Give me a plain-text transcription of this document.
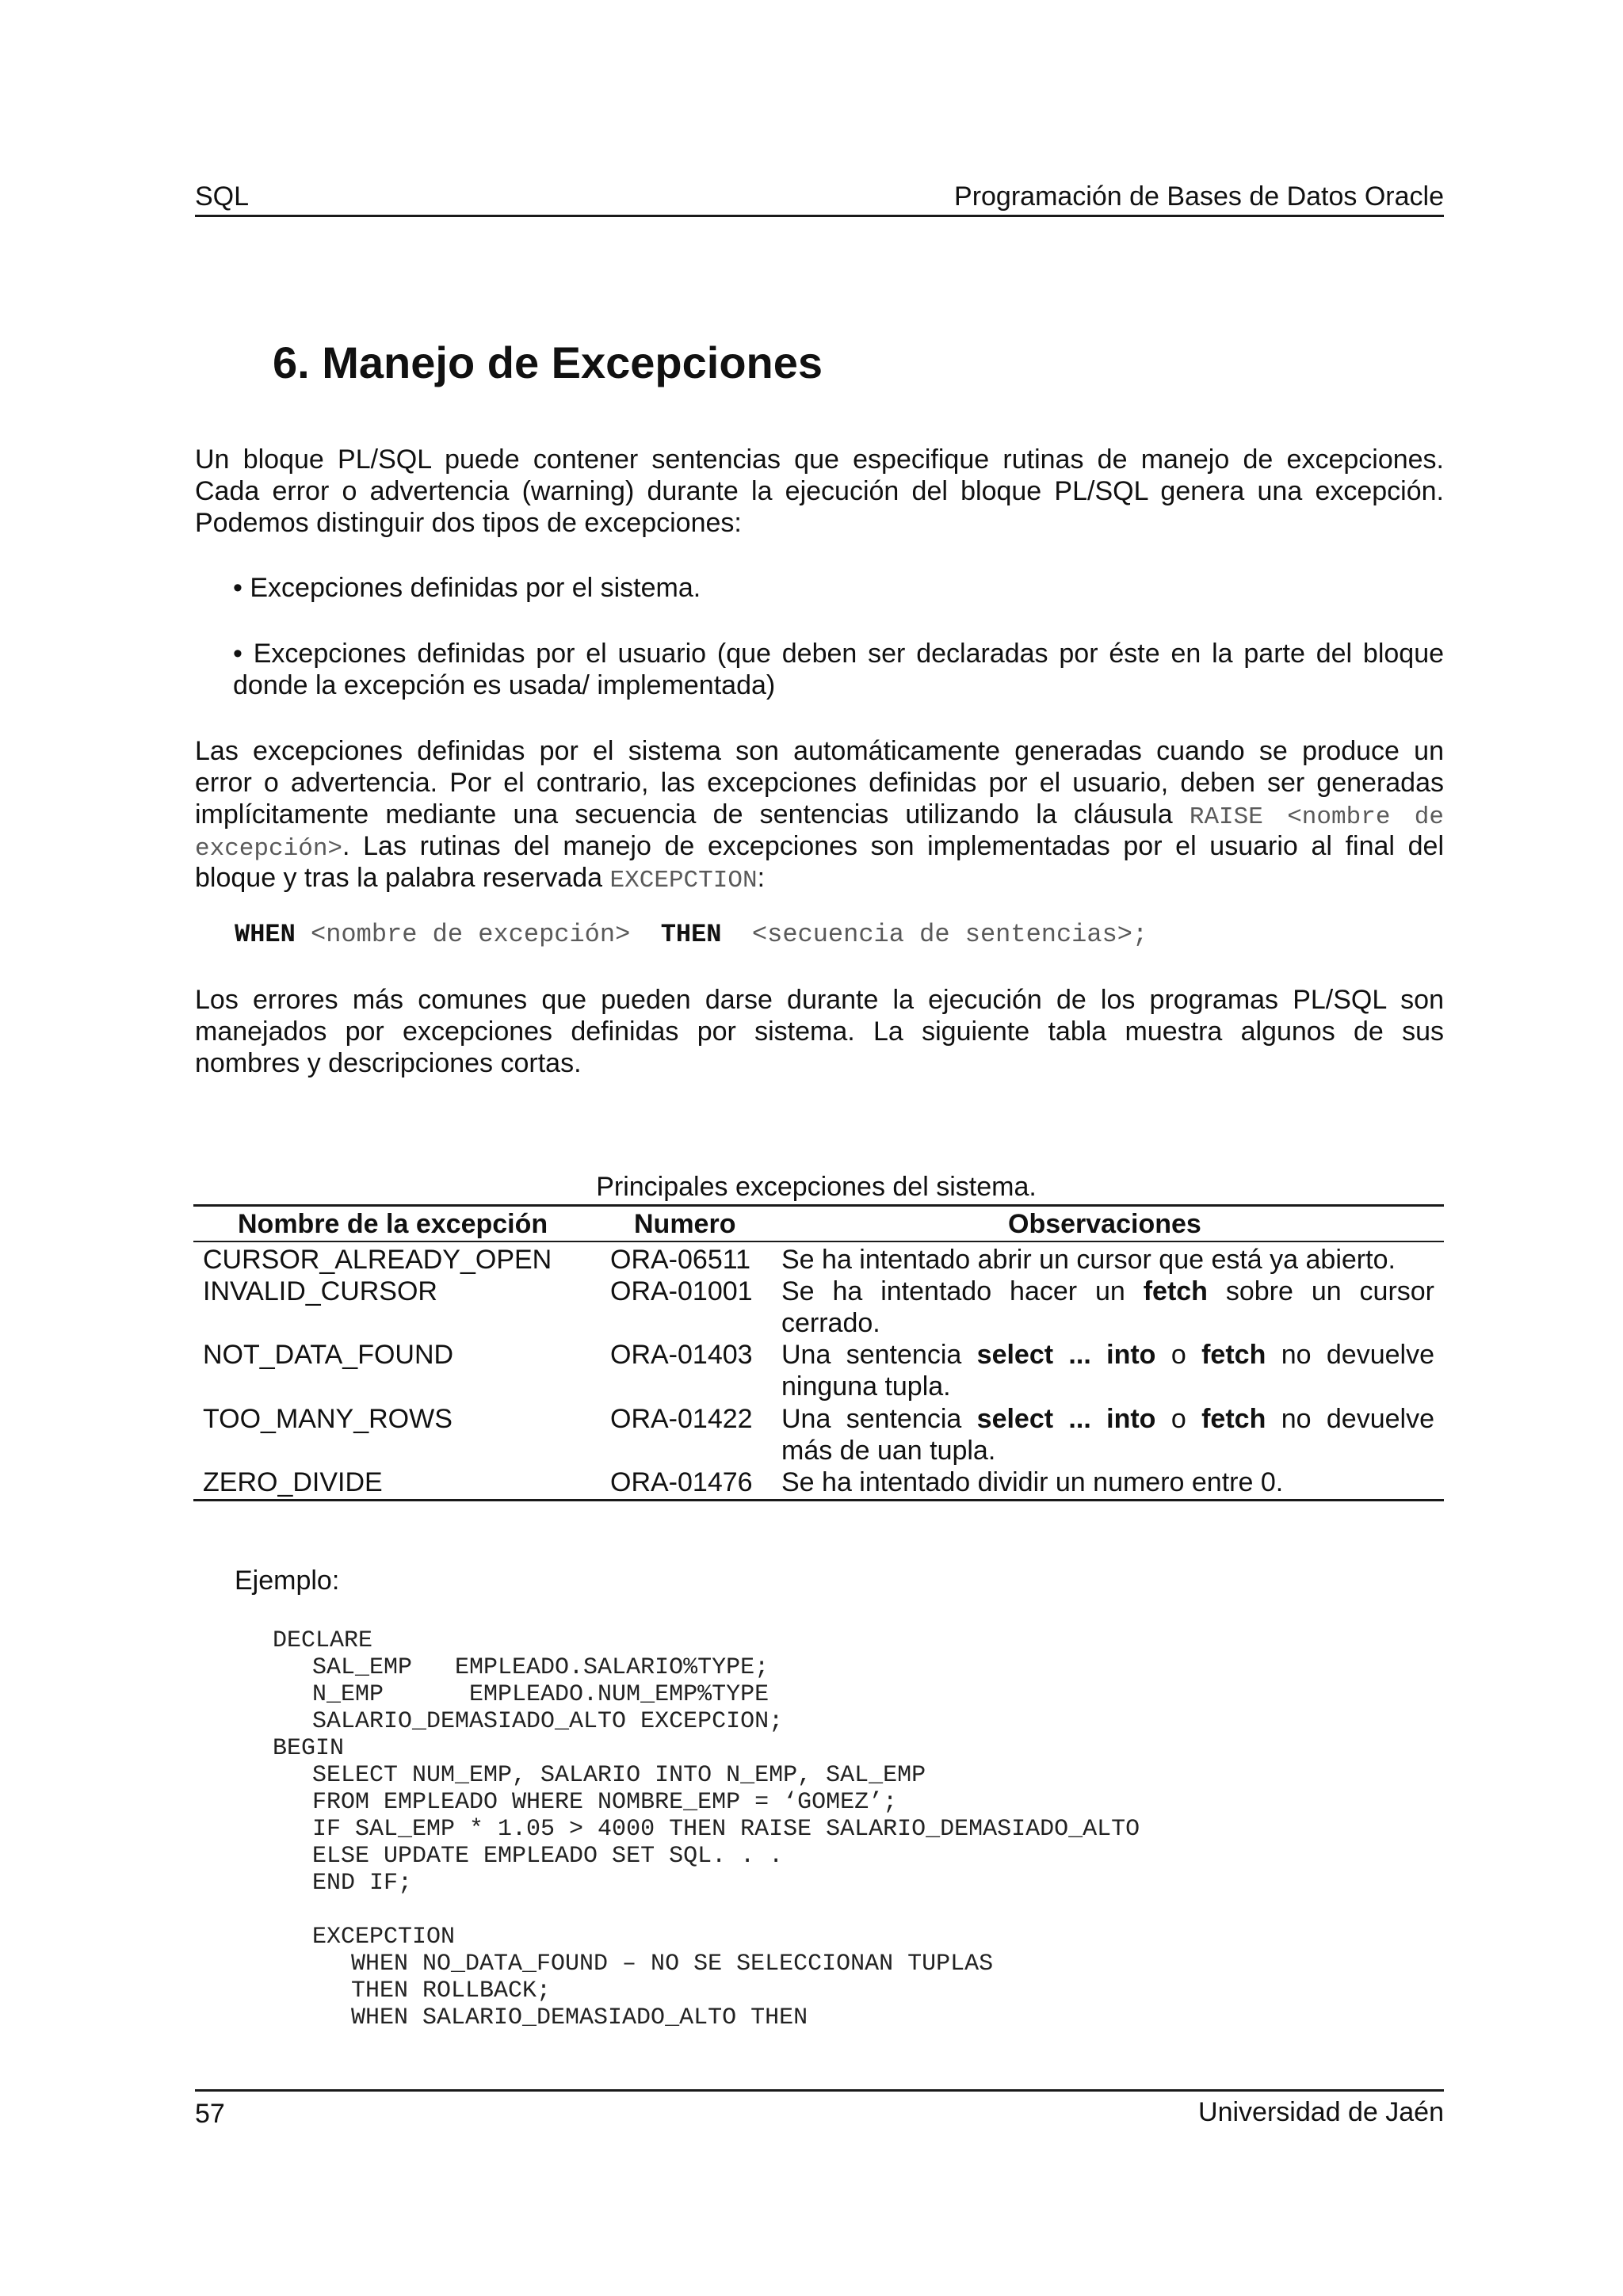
SQL	Programación de Bases de Datos Oracle
6. Manejo de Excepciones
Un bloque PL/SQL puede contener sentencias que especifique rutinas de manejo de excepciones.
Cada error o advertencia (warning) durante la ejecución del bloque PL/SQL genera una excepción.
Podemos distinguir dos tipos de excepciones:
• Excepciones definidas por el sistema.
• Excepciones definidas por el usuario (que deben ser declaradas por éste en la parte del bloque
donde la excepción es usada/ implementada)
Las excepciones definidas por el sistema son automáticamente generadas cuando se produce un
error o advertencia. Por el contrario, las excepciones definidas por el usuario, deben ser generadas
implícitamente mediante una secuencia de sentencias utilizando la cláusula RAISE <nombre de
excepción>. Las rutinas del manejo de excepciones son implementadas por el usuario al final del
bloque y tras la palabra reservada EXCEPCTION:
WHEN <nombre de excepción> THEN <secuencia de sentencias>;
Los errores más comunes que pueden darse durante la ejecución de los programas PL/SQL son
manejados por excepciones definidas por sistema. La siguiente tabla muestra algunos de sus
nombres y descripciones cortas.
Principales excepciones del sistema.
Nombre de la excepción	Numero	Observaciones
CURSOR_ALREADY_OPEN ORA-06511 Se ha intentado abrir un cursor que está ya abierto.
INVALID_CURSOR	ORA-01001 Se ha intentado hacer un fetch sobre un cursor
cerrado.
NOT_DATA_FOUND	ORA-01403 Una sentencia select ... into o fetch no devuelve
ninguna tupla.
TOO_MANY_ROWS	ORA-01422 Una sentencia select ... into o fetch no devuelve
más de uan tupla.
ZERO_DIVIDE	ORA-01476 Se ha intentado dividir un numero entre 0.
Ejemplo:
DECLARE
SAL_EMP   EMPLEADO.SALARIO%TYPE;
N_EMP      EMPLEADO.NUM_EMP%TYPE
SALARIO_DEMASIADO_ALTO EXCEPCION;
BEGIN
SELECT NUM_EMP, SALARIO INTO N_EMP, SAL_EMP
FROM EMPLEADO WHERE NOMBRE_EMP = ‘GOMEZ’;
IF SAL_EMP * 1.05 > 4000 THEN RAISE SALARIO_DEMASIADO_ALTO
ELSE UPDATE EMPLEADO SET SQL. . .
END IF;
EXCEPCTION
WHEN NO_DATA_FOUND – NO SE SELECCIONAN TUPLAS
THEN ROLLBACK;
WHEN SALARIO_DEMASIADO_ALTO THEN
57	Universidad de Jaén
